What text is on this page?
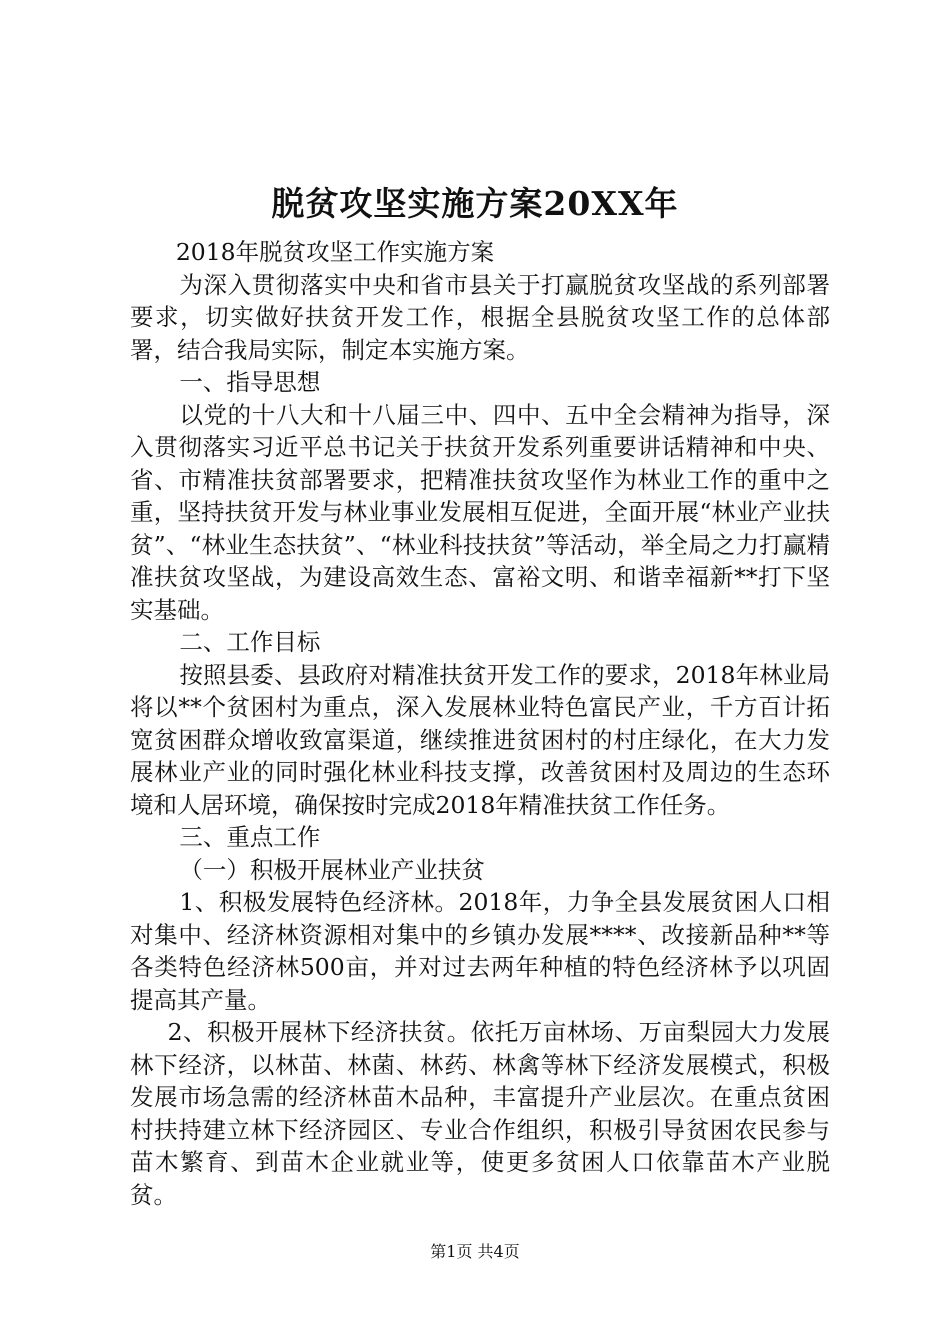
脱贫攻坚实施方案20XX年

2018年脱贫攻坚工作实施方案

为深入贯彻落实中央和省市县关于打赢脱贫攻坚战的系列部署要求，切实做好扶贫开发工作，根据全县脱贫攻坚工作的总体部署，结合我局实际，制定本实施方案。

一、指导思想

以党的十八大和十八届三中、四中、五中全会精神为指导，深入贯彻落实习近平总书记关于扶贫开发系列重要讲话精神和中央、省、市精准扶贫部署要求，把精准扶贫攻坚作为林业工作的重中之重，坚持扶贫开发与林业事业发展相互促进，全面开展“林业产业扶贫”、“林业生态扶贫”、“林业科技扶贫”等活动，举全局之力打赢精准扶贫攻坚战，为建设高效生态、富裕文明、和谐幸福新**打下坚实基础。

二、工作目标

按照县委、县政府对精准扶贫开发工作的要求，2018年林业局将以**个贫困村为重点，深入发展林业特色富民产业，千方百计拓宽贫困群众增收致富渠道，继续推进贫困村的村庄绿化，在大力发展林业产业的同时强化林业科技支撑，改善贫困村及周边的生态环境和人居环境，确保按时完成2018年精准扶贫工作任务。

三、重点工作

（一）积极开展林业产业扶贫

1、积极发展特色经济林。2018年，力争全县发展贫困人口相对集中、经济林资源相对集中的乡镇办发展****、改接新品种**等各类特色经济林500亩，并对过去两年种植的特色经济林予以巩固提高其产量。

2、积极开展林下经济扶贫。依托万亩林场、万亩梨园大力发展林下经济，以林苗、林菌、林药、林禽等林下经济发展模式，积极发展市场急需的经济林苗木品种，丰富提升产业层次。在重点贫困村扶持建立林下经济园区、专业合作组织，积极引导贫困农民参与苗木繁育、到苗木企业就业等，使更多贫困人口依靠苗木产业脱贫。

第1页 共4页
